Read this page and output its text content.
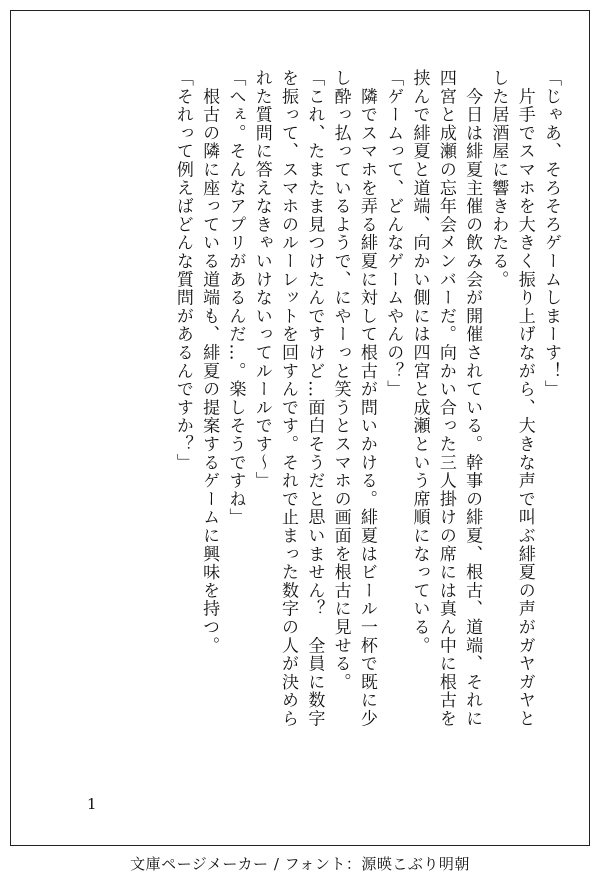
「じゃあ、そろそろゲームしまーす！」
　片手でスマホを大きく振り上げながら、大きな声で叫ぶ緋夏の声がガヤガヤと
した居酒屋に響きわたる。
　今日は緋夏主催の飲み会が開催されている。幹事の緋夏、根古、道端、それに
四宮と成瀬の忘年会メンバーだ。向かい合った三人掛けの席には真ん中に根古を
挟んで緋夏と道端、向かい側には四宮と成瀬という席順になっている。
「ゲームって、どんなゲームやんの？」
　隣でスマホを弄る緋夏に対して根古が問いかける。緋夏はビール一杯で既に少
し酔っ払っているようで、にやーっと笑うとスマホの画面を根古に見せる。
「これ、たまたま見つけたんですけど…面白そうだと思いません？　全員に数字
を振って、スマホのルーレットを回すんです。それで止まった数字の人が決めら
れた質問に答えなきゃいけないってルールです～」
「へぇ。そんなアプリがあるんだ…。楽しそうですね」
　根古の隣に座っている道端も、緋夏の提案するゲームに興味を持つ。
「それって例えばどんな質問があるんですか？」
1
文庫ページメーカー / フォント：源暎こぶり明朝
